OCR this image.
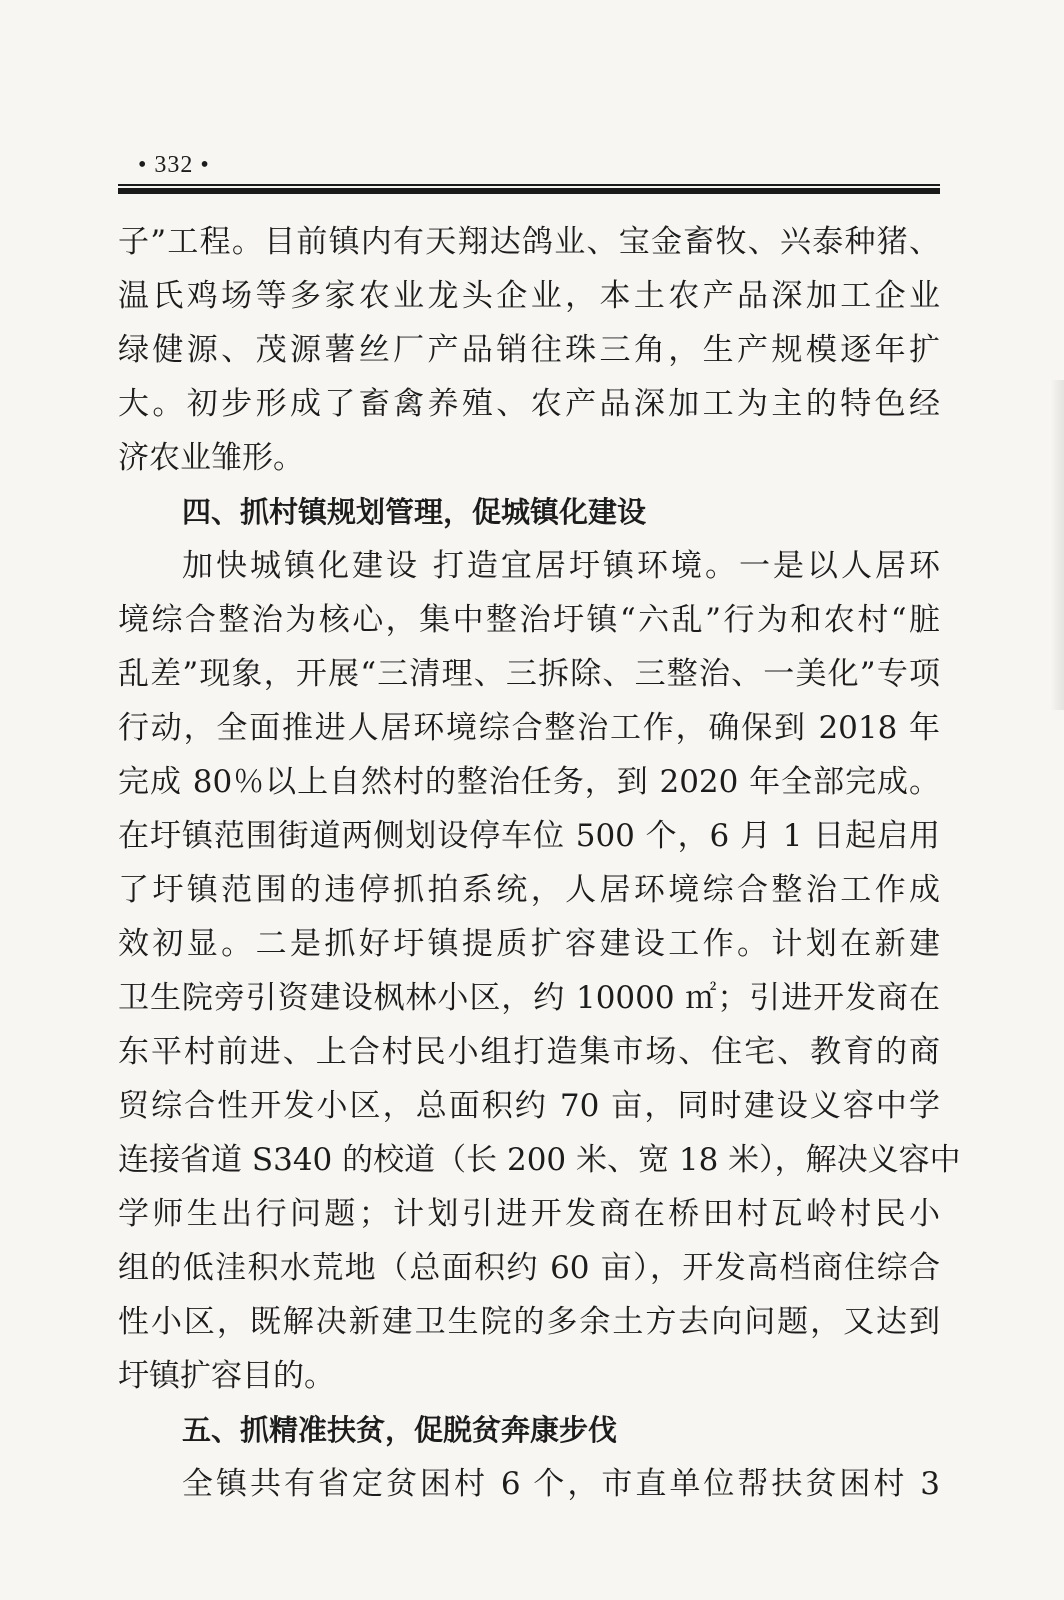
• 332 •
子”工程。目前镇内有天翔达鸽业、宝金畜牧、兴泰种猪、
温氏鸡场等多家农业龙头企业，本土农产品深加工企业
绿健源、茂源薯丝厂产品销往珠三角，生产规模逐年扩
大。初步形成了畜禽养殖、农产品深加工为主的特色经
济农业雏形。
四、抓村镇规划管理，促城镇化建设
加快城镇化建设 打造宜居圩镇环境。一是以人居环
境综合整治为核心，集中整治圩镇“六乱”行为和农村“脏
乱差”现象，开展“三清理、三拆除、三整治、一美化”专项
行动，全面推进人居环境综合整治工作，确保到 2018 年
完成 80％以上自然村的整治任务，到 2020 年全部完成。
在圩镇范围街道两侧划设停车位 500 个，6 月 1 日起启用
了圩镇范围的违停抓拍系统，人居环境综合整治工作成
效初显。二是抓好圩镇提质扩容建设工作。计划在新建
卫生院旁引资建设枫林小区，约 10000 ㎡；引进开发商在
东平村前进、上合村民小组打造集市场、住宅、教育的商
贸综合性开发小区，总面积约 70 亩，同时建设义容中学
连接省道 S340 的校道（长 200 米、宽 18 米），解决义容中
学师生出行问题；计划引进开发商在桥田村瓦岭村民小
组的低洼积水荒地（总面积约 60 亩），开发高档商住综合
性小区，既解决新建卫生院的多余土方去向问题，又达到
圩镇扩容目的。
五、抓精准扶贫，促脱贫奔康步伐
全镇共有省定贫困村 6 个，市直单位帮扶贫困村 3
